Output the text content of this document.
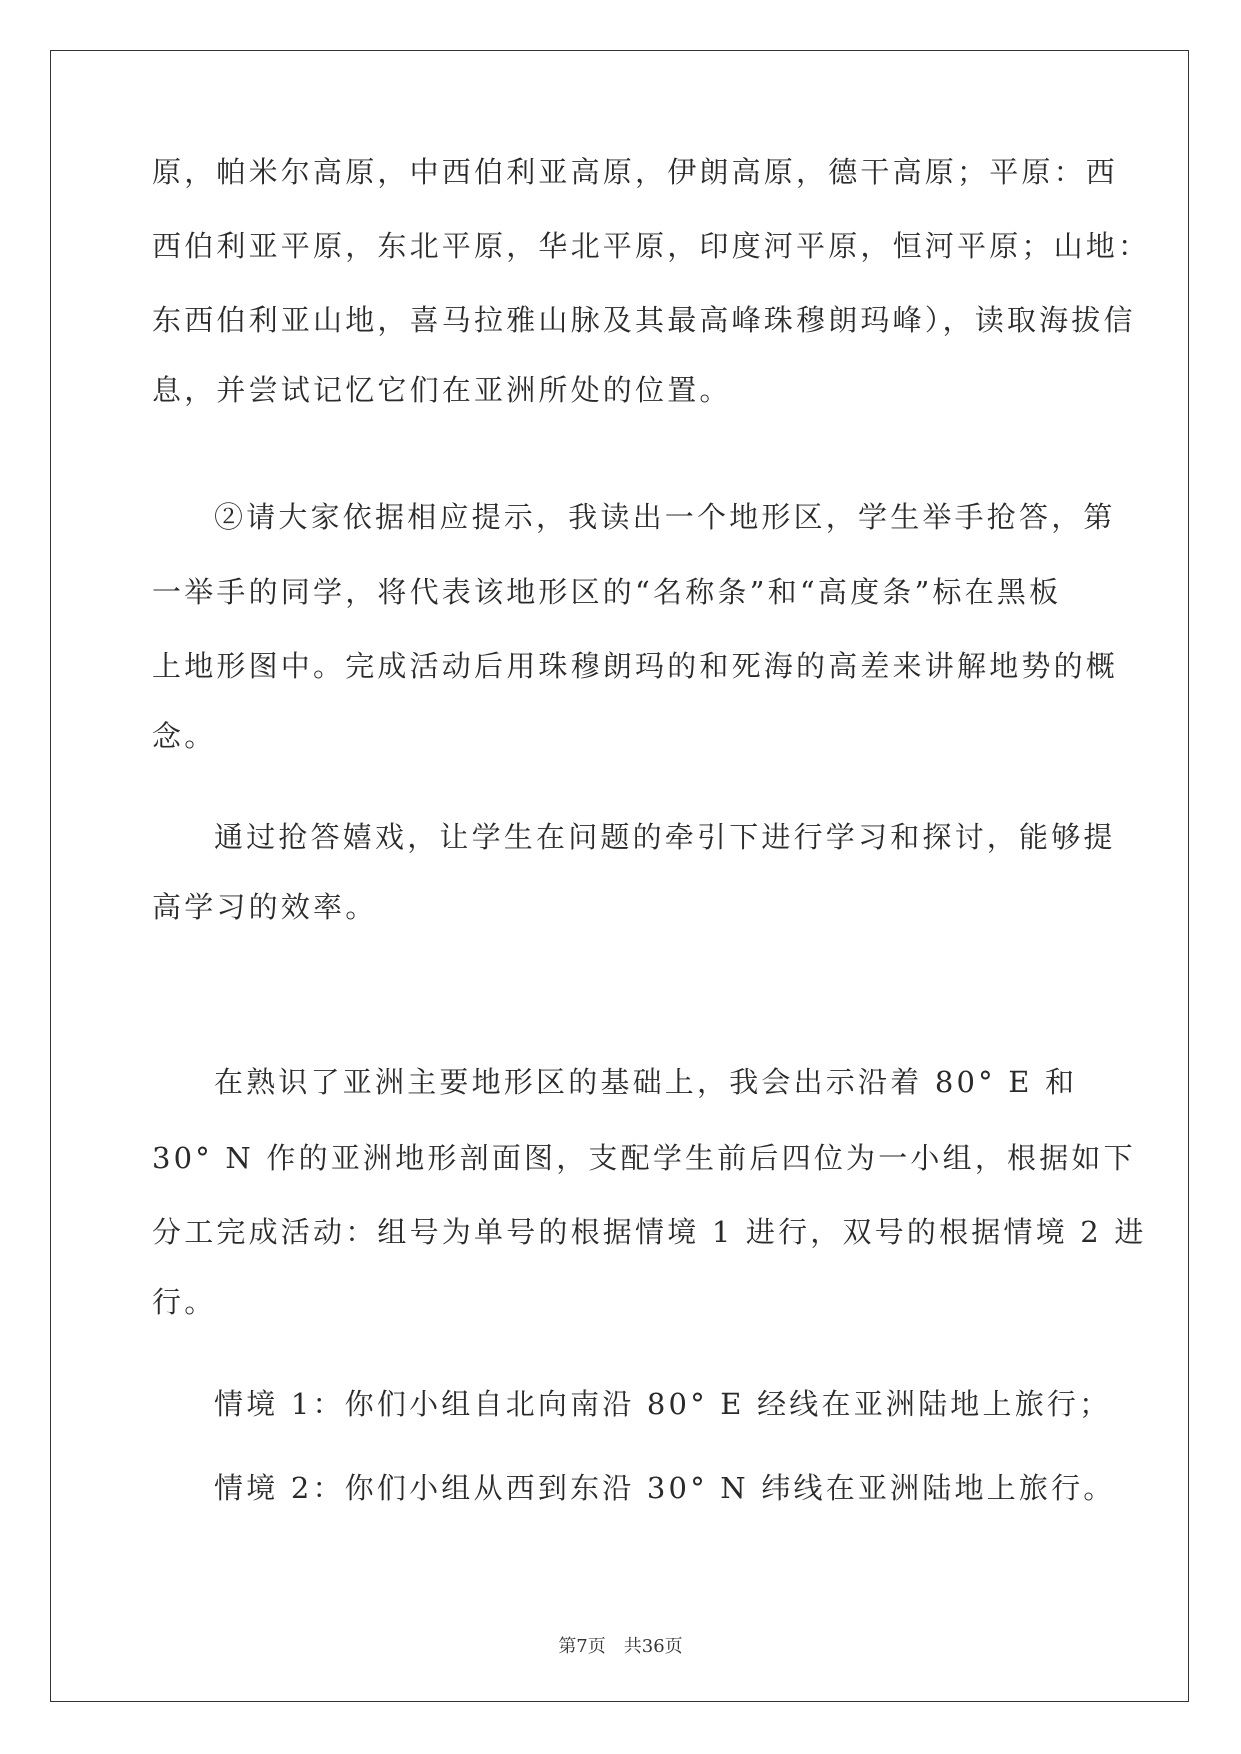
原，帕米尔高原，中西伯利亚高原，伊朗高原，德干高原；平原：西
西伯利亚平原，东北平原，华北平原，印度河平原，恒河平原；山地：
东西伯利亚山地，喜马拉雅山脉及其最高峰珠穆朗玛峰），读取海拔信
息，并尝试记忆它们在亚洲所处的位置。
②请大家依据相应提示，我读出一个地形区，学生举手抢答，第
一举手的同学，将代表该地形区的“名称条”和“高度条”标在黑板
上地形图中。完成活动后用珠穆朗玛的和死海的高差来讲解地势的概
念。
通过抢答嬉戏，让学生在问题的牵引下进行学习和探讨，能够提
高学习的效率。
在熟识了亚洲主要地形区的基础上，我会出示沿着 80° E 和
30° N 作的亚洲地形剖面图，支配学生前后四位为一小组，根据如下
分工完成活动：组号为单号的根据情境 1 进行，双号的根据情境 2 进
行。
情境 1：你们小组自北向南沿 80° E 经线在亚洲陆地上旅行；
情境 2：你们小组从西到东沿 30° N 纬线在亚洲陆地上旅行。
第7页　共36页
